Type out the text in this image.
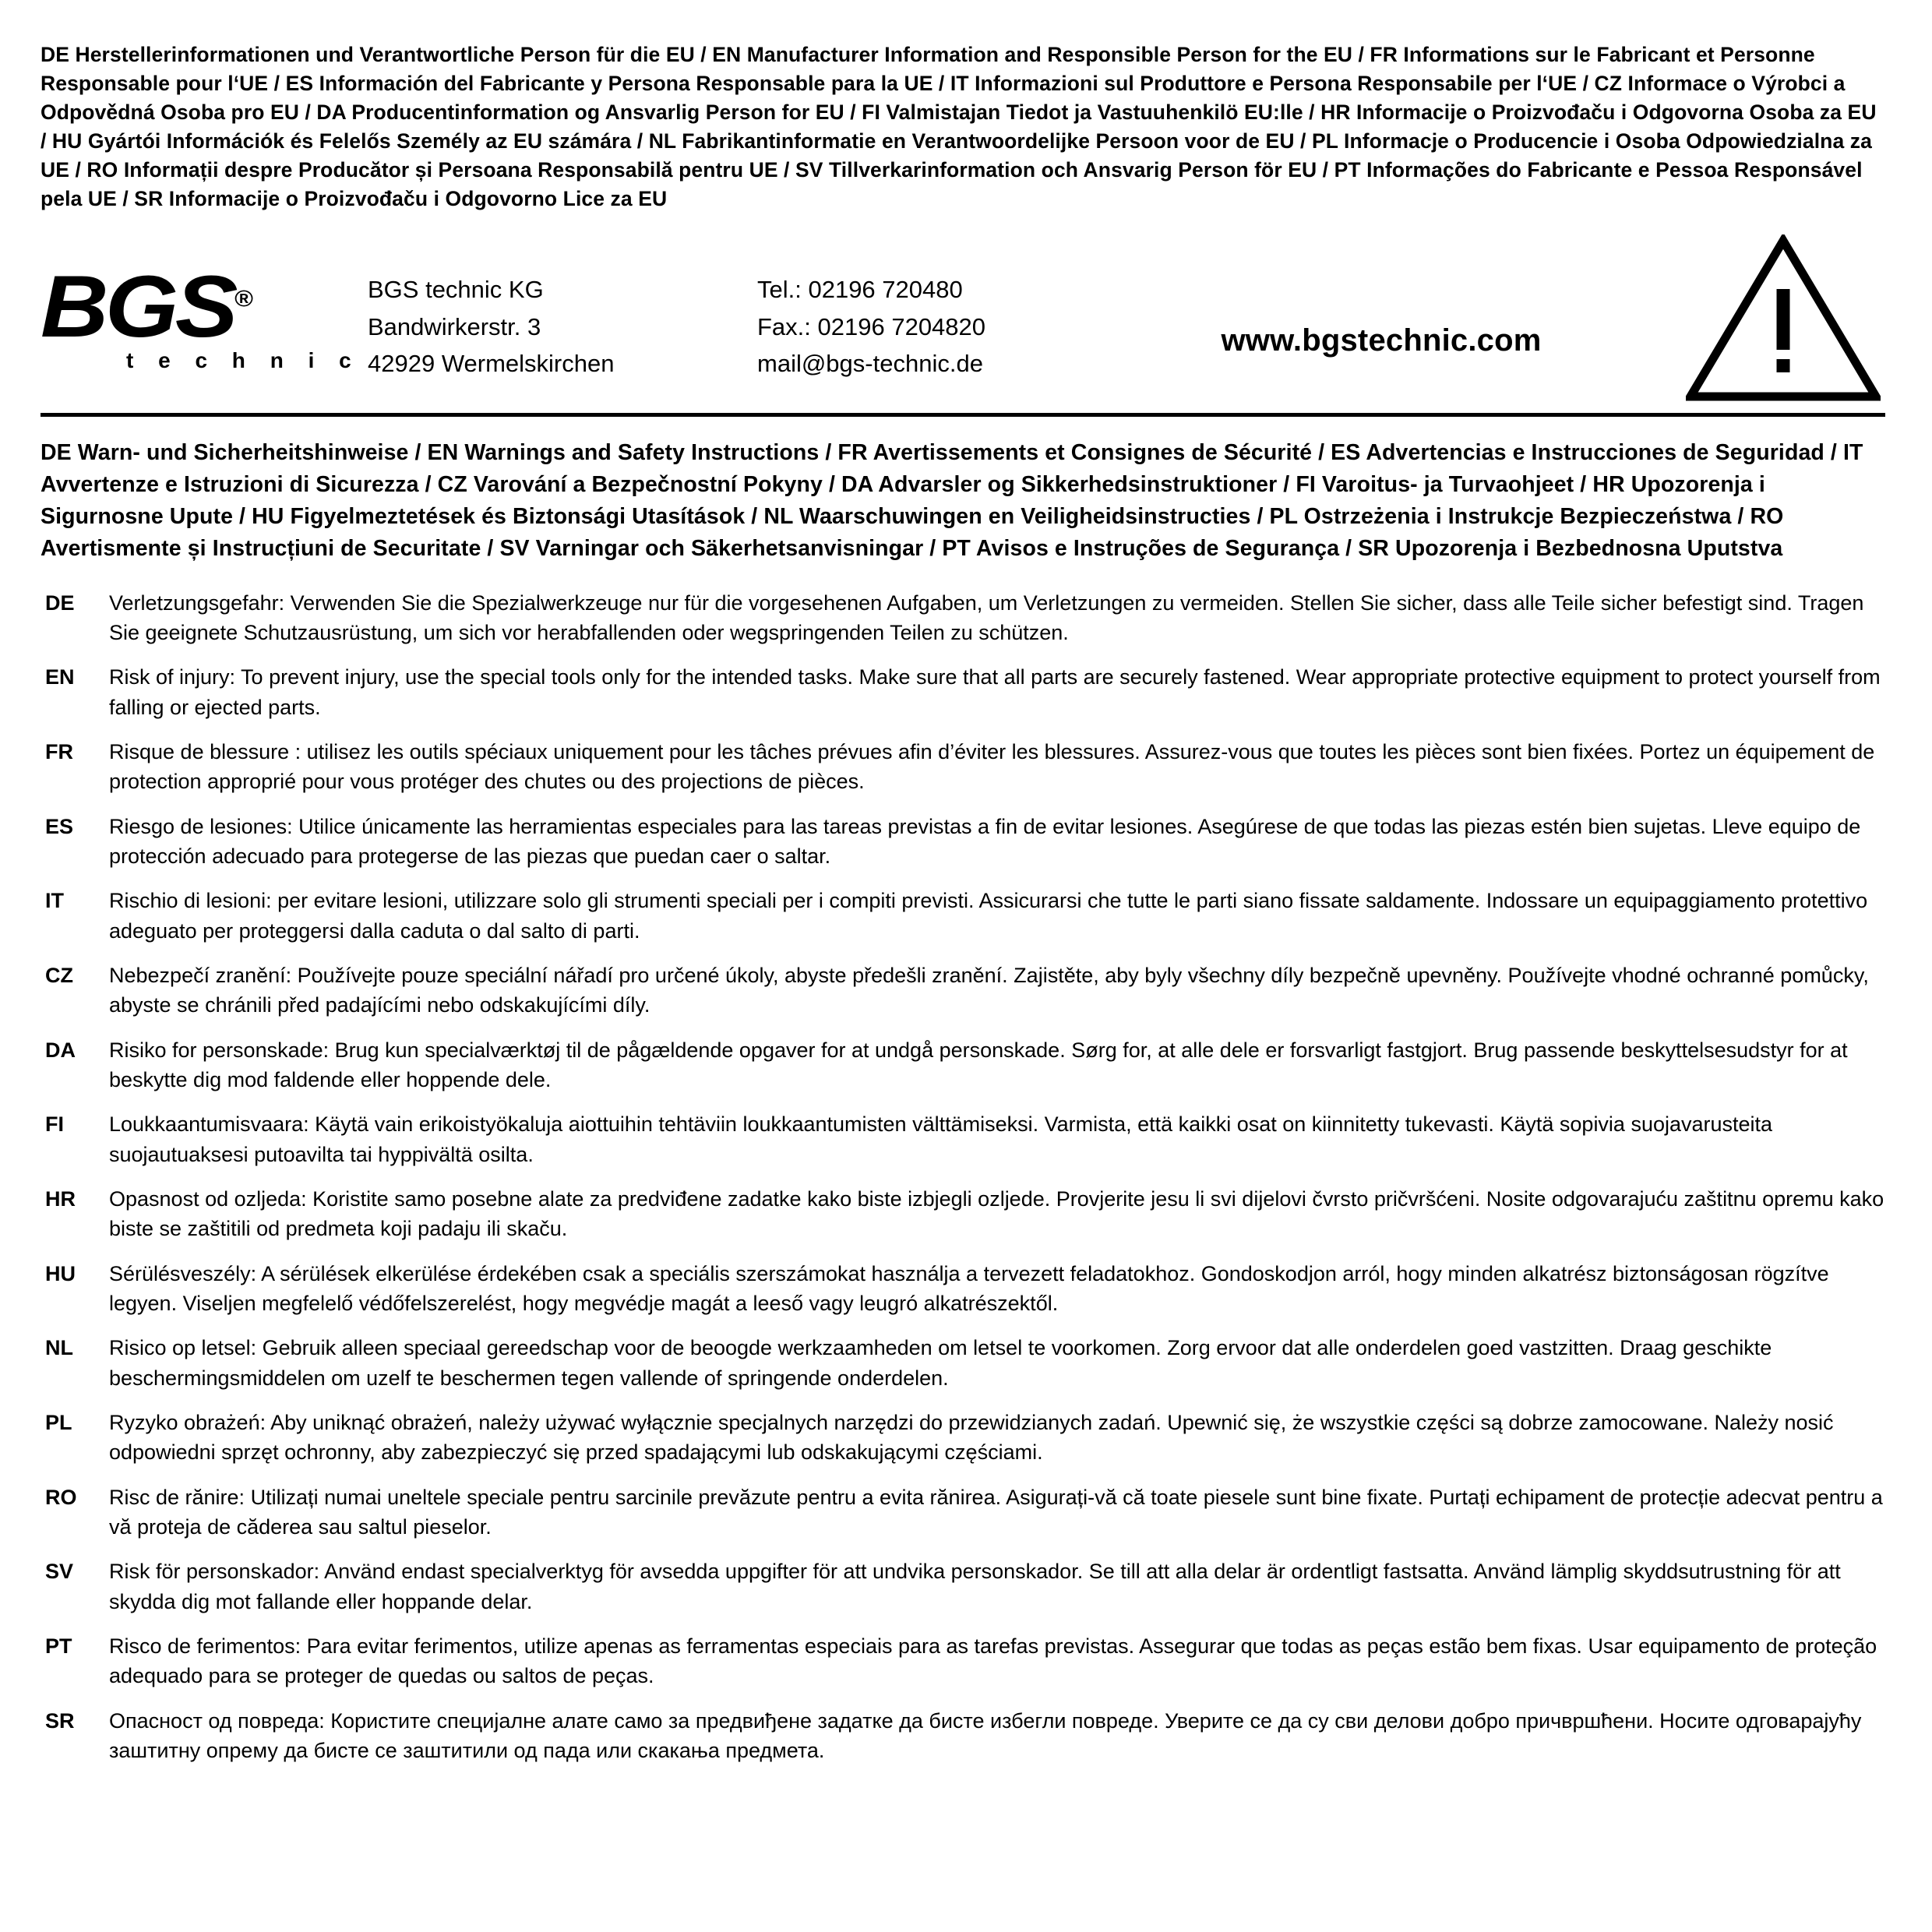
DE Herstellerinformationen und Verantwortliche Person für die EU / EN Manufacturer Information and Responsible Person for the EU / FR Informations sur le Fabricant et Personne Responsable pour l‘UE / ES Información del Fabricante y Persona Responsable para la UE / IT Informazioni sul Produttore e Persona Responsabile per l‘UE / CZ Informace o Výrobci a Odpovědná Osoba pro EU / DA Producentinformation og Ansvarlig Person for EU / FI Valmistajan Tiedot ja Vastuuhenkilö EU:lle / HR Informacije o Proizvođaču i Odgovorna Osoba za EU / HU Gyártói Információk és Felelős Személy az EU számára / NL Fabrikantinformatie en Verantwoordelijke Persoon voor de EU / PL Informacje o Producencie i Osoba Odpowiedzialna za UE / RO Informații despre Producător și Persoana Responsabilă pentru UE / SV Tillverkarinformation och Ansvarig Person för EU / PT Informações do Fabricante e Pessoa Responsável pela UE / SR Informacije o Proizvođaču i Odgovorno Lice za EU

BGS®
t e c h n i c
BGS technic KG
Bandwirkerstr. 3
42929 Wermelskirchen
Tel.: 02196 720480
Fax.: 02196 7204820
mail@bgs-technic.de
www.bgstechnic.com

DE Warn- und Sicherheitshinweise / EN Warnings and Safety Instructions / FR Avertissements et Consignes de Sécurité / ES Advertencias e Instrucciones de Seguridad / IT Avvertenze e Istruzioni di Sicurezza / CZ Varování a Bezpečnostní Pokyny / DA Advarsler og Sikkerhedsinstruktioner / FI Varoitus- ja Turvaohjeet / HR Upozorenja i Sigurnosne Upute / HU Figyelmeztetések és Biztonsági Utasítások / NL Waarschuwingen en Veiligheidsinstructies / PL Ostrzeżenia i Instrukcje Bezpieczeństwa / RO Avertismente și Instrucțiuni de Securitate / SV Varningar och Säkerhetsanvisningar / PT Avisos e Instruções de Segurança / SR Upozorenja i Bezbednosna Uputstva

DE	Verletzungsgefahr: Verwenden Sie die Spezialwerkzeuge nur für die vorgesehenen Aufgaben, um Verletzungen zu vermeiden. Stellen Sie sicher, dass alle Teile sicher befestigt sind. Tragen Sie geeignete Schutzausrüstung, um sich vor herabfallenden oder wegspringenden Teilen zu schützen.
EN	Risk of injury: To prevent injury, use the special tools only for the intended tasks. Make sure that all parts are securely fastened. Wear appropriate protective equipment to protect yourself from falling or ejected parts.
FR	Risque de blessure : utilisez les outils spéciaux uniquement pour les tâches prévues afin d’éviter les blessures. Assurez-vous que toutes les pièces sont bien fixées. Portez un équipement de protection approprié pour vous protéger des chutes ou des projections de pièces.
ES	Riesgo de lesiones: Utilice únicamente las herramientas especiales para las tareas previstas a fin de evitar lesiones. Asegúrese de que todas las piezas estén bien sujetas. Lleve equipo de protección adecuado para protegerse de las piezas que puedan caer o saltar.
IT	Rischio di lesioni: per evitare lesioni, utilizzare solo gli strumenti speciali per i compiti previsti. Assicurarsi che tutte le parti siano fissate saldamente. Indossare un equipaggiamento protettivo adeguato per proteggersi dalla caduta o dal salto di parti.
CZ	Nebezpečí zranění: Používejte pouze speciální nářadí pro určené úkoly, abyste předešli zranění. Zajistěte, aby byly všechny díly bezpečně upevněny. Používejte vhodné ochranné pomůcky, abyste se chránili před padajícími nebo odskakujícími díly.
DA	Risiko for personskade: Brug kun specialværktøj til de pågældende opgaver for at undgå personskade. Sørg for, at alle dele er forsvarligt fastgjort. Brug passende beskyttelsesudstyr for at beskytte dig mod faldende eller hoppende dele.
FI	Loukkaantumisvaara: Käytä vain erikoistyökaluja aiottuihin tehtäviin loukkaantumisten välttämiseksi. Varmista, että kaikki osat on kiinnitetty tukevasti. Käytä sopivia suojavarusteita suojautuaksesi putoavilta tai hyppivältä osilta.
HR	Opasnost od ozljeda: Koristite samo posebne alate za predviđene zadatke kako biste izbjegli ozljede. Provjerite jesu li svi dijelovi čvrsto pričvršćeni. Nosite odgovarajuću zaštitnu opremu kako biste se zaštitili od predmeta koji padaju ili skaču.
HU	Sérülésveszély: A sérülések elkerülése érdekében csak a speciális szerszámokat használja a tervezett feladatokhoz. Gondoskodjon arról, hogy minden alkatrész biztonságosan rögzítve legyen. Viseljen megfelelő védőfelszerelést, hogy megvédje magát a leeső vagy leugró alkatrészektől.
NL	Risico op letsel: Gebruik alleen speciaal gereedschap voor de beoogde werkzaamheden om letsel te voorkomen. Zorg ervoor dat alle onderdelen goed vastzitten. Draag geschikte beschermingsmiddelen om uzelf te beschermen tegen vallende of springende onderdelen.
PL	Ryzyko obrażeń: Aby uniknąć obrażeń, należy używać wyłącznie specjalnych narzędzi do przewidzianych zadań. Upewnić się, że wszystkie części są dobrze zamocowane. Należy nosić odpowiedni sprzęt ochronny, aby zabezpieczyć się przed spadającymi lub odskakującymi częściami.
RO	Risc de rănire: Utilizați numai uneltele speciale pentru sarcinile prevăzute pentru a evita rănirea. Asigurați-vă că toate piesele sunt bine fixate. Purtați echipament de protecție adecvat pentru a vă proteja de căderea sau saltul pieselor.
SV	Risk för personskador: Använd endast specialverktyg för avsedda uppgifter för att undvika personskador. Se till att alla delar är ordentligt fastsatta. Använd lämplig skyddsutrustning för att skydda dig mot fallande eller hoppande delar.
PT	Risco de ferimentos: Para evitar ferimentos, utilize apenas as ferramentas especiais para as tarefas previstas. Assegurar que todas as peças estão bem fixas. Usar equipamento de proteção adequado para se proteger de quedas ou saltos de peças.
SR	Опасност од повреда: Користите специјалне алате само за предвиђене задатке да бисте избегли повреде. Уверите се да су сви делови добро причвршћени. Носите одговарајућу заштитну опрему да бисте се заштитили од пада или скакања предмета.
